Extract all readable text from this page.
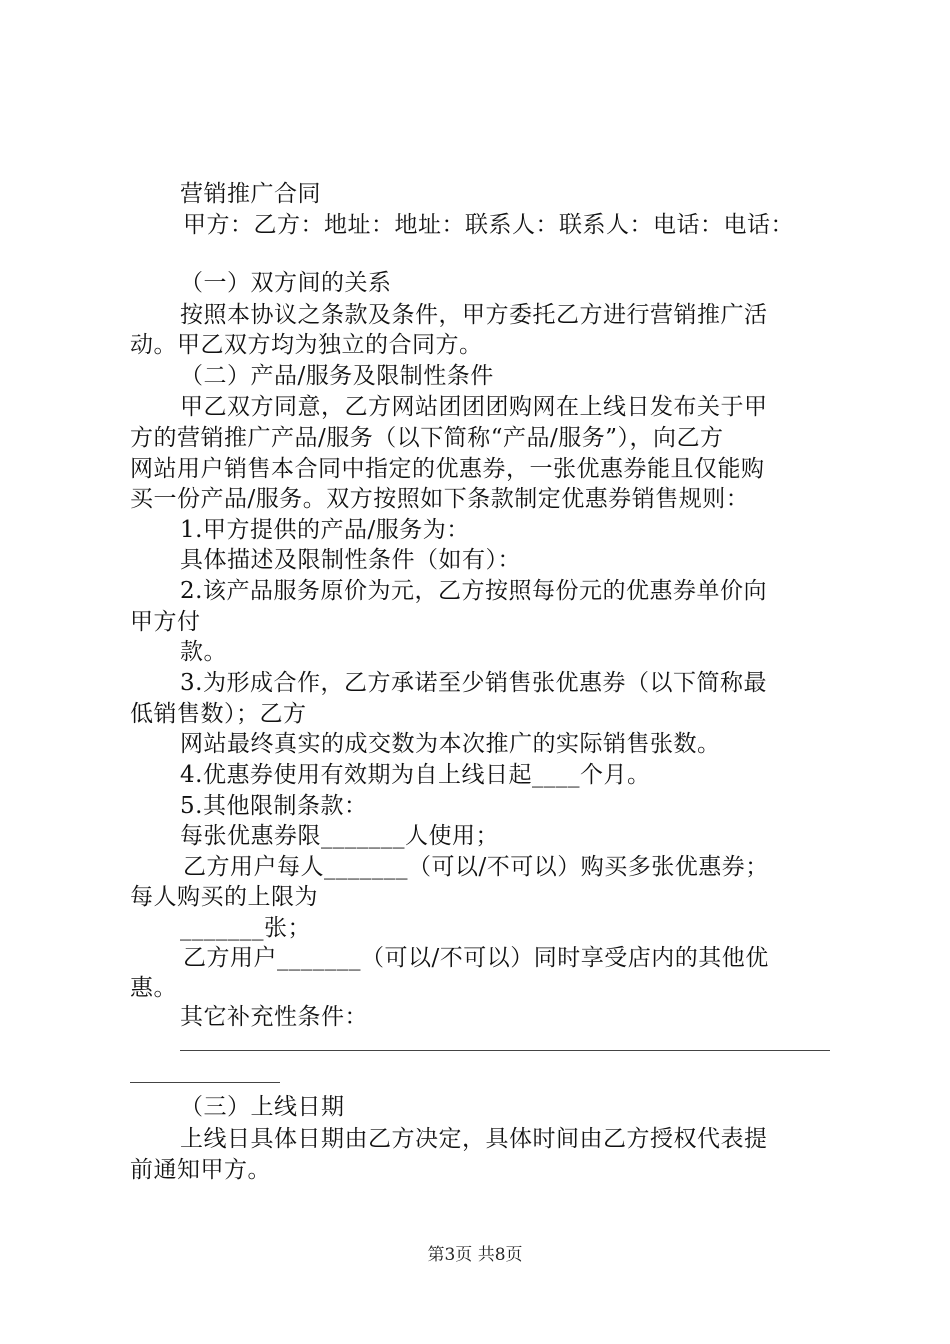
营销推广合同
甲方：乙方：地址：地址：联系人：联系人：电话：电话：
（一）双方间的关系
按照本协议之条款及条件，甲方委托乙方进行营销推广活
动。甲乙双方均为独立的合同方。
（二）产品/服务及限制性条件
甲乙双方同意，乙方网站团团团购网在上线日发布关于甲
方的营销推广产品/服务（以下简称“产品/服务”），向乙方
网站用户销售本合同中指定的优惠券，一张优惠券能且仅能购
买一份产品/服务。双方按照如下条款制定优惠券销售规则：
1.甲方提供的产品/服务为：
具体描述及限制性条件（如有）：
2.该产品服务原价为元，乙方按照每份元的优惠券单价向
甲方付
款。
3.为形成合作，乙方承诺至少销售张优惠券（以下简称最
低销售数）；乙方
网站最终真实的成交数为本次推广的实际销售张数。
4.优惠券使用有效期为自上线日起____个月。
5.其他限制条款：
每张优惠券限_______人使用；
乙方用户每人_______（可以/不可以）购买多张优惠券；
每人购买的上限为
_______张；
乙方用户_______（可以/不可以）同时享受店内的其他优
惠。
其它补充性条件：
（三）上线日期
上线日具体日期由乙方决定，具体时间由乙方授权代表提
前通知甲方。
第3页 共8页
